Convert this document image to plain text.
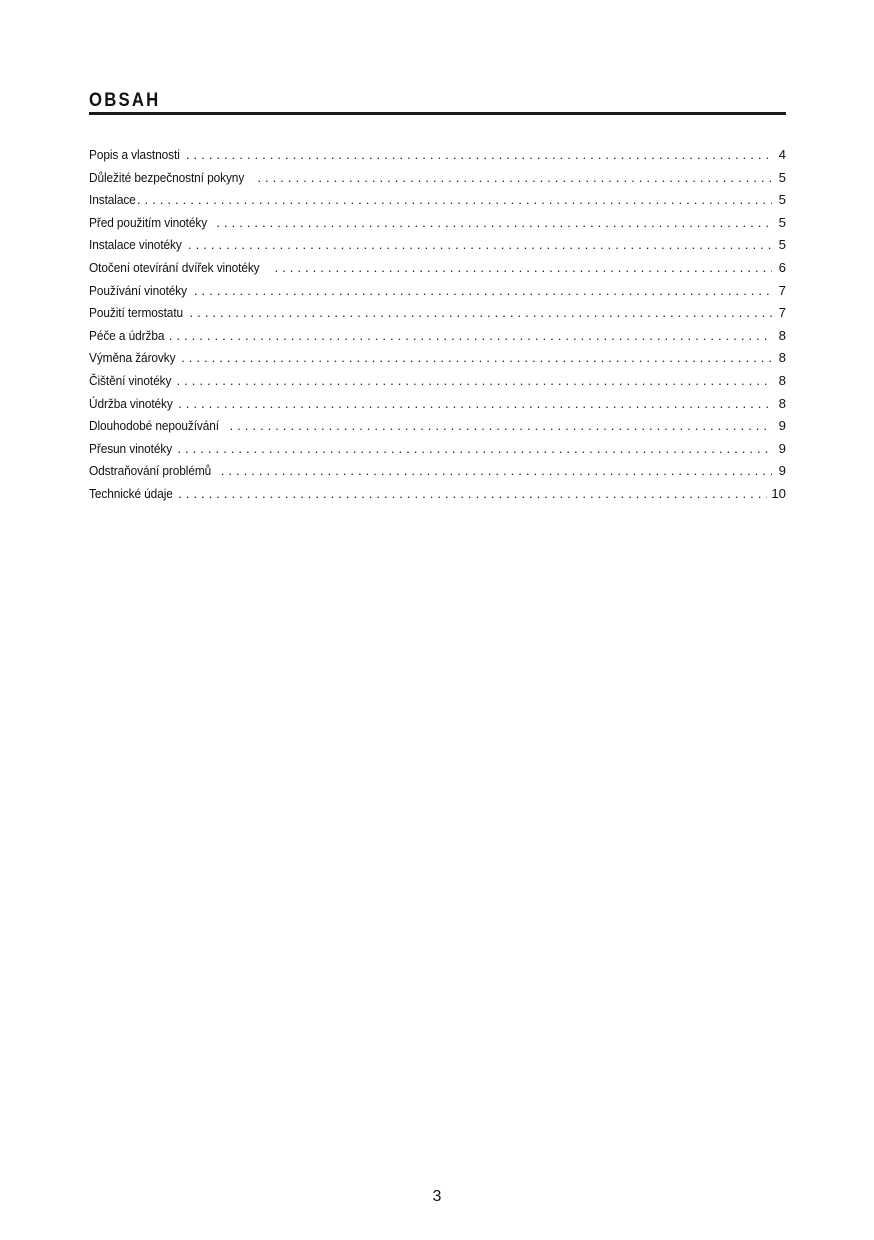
OBSAH
Popis a vlastnosti . . .	4
Důležité bezpečnostní pokyny . . .	5
Instalace . . .	5
Před použitím vinotéky . . .	5
Instalace vinotéky . . .	5
Otočení otevírání dvířek vinotéky . . .	6
Používání vinotéky . . .	7
Použití termostatu . . .	7
Péče a údržba . . .	8
Výměna žárovky . . .	8
Čištění vinotéky . . .	8
Údržba vinotéky . . .	8
Dlouhodobé nepoužívání . . .	9
Přesun vinotéky . . .	9
Odstraňování problémů . . .	9
Technické údaje . . .	10
3
